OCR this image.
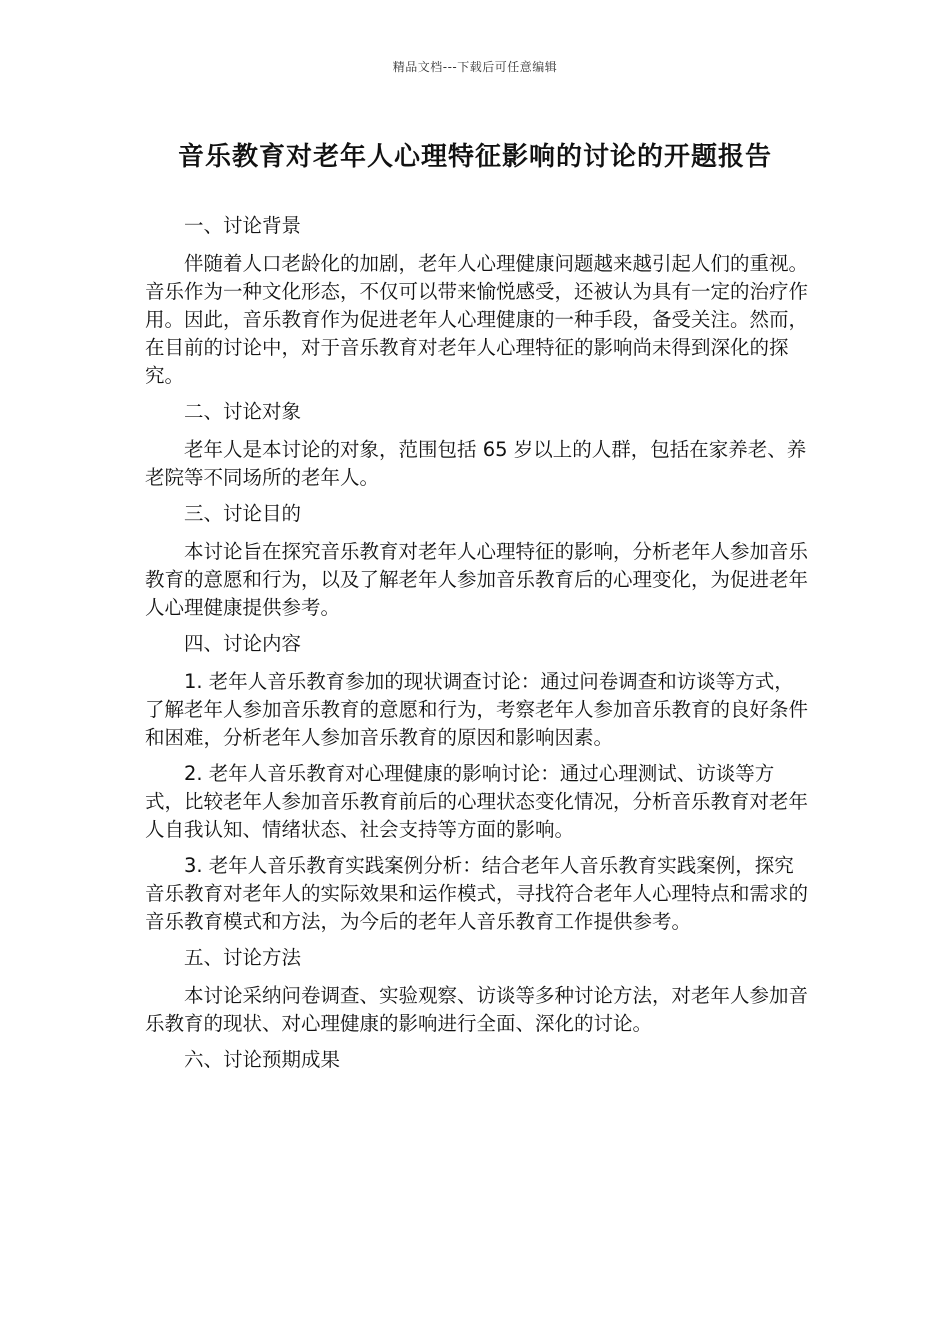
精品文档---下载后可任意编辑
音乐教育对老年人心理特征影响的讨论的开题报告

一、讨论背景

伴随着人口老龄化的加剧，老年人心理健康问题越来越引起人们的重视。音乐作为一种文化形态，不仅可以带来愉悦感受，还被认为具有一定的治疗作用。因此，音乐教育作为促进老年人心理健康的一种手段，备受关注。然而，在目前的讨论中，对于音乐教育对老年人心理特征的影响尚未得到深化的探究。

二、讨论对象

老年人是本讨论的对象，范围包括 65 岁以上的人群，包括在家养老、养老院等不同场所的老年人。

三、讨论目的

本讨论旨在探究音乐教育对老年人心理特征的影响，分析老年人参加音乐教育的意愿和行为，以及了解老年人参加音乐教育后的心理变化，为促进老年人心理健康提供参考。

四、讨论内容

1. 老年人音乐教育参加的现状调查讨论：通过问卷调查和访谈等方式，了解老年人参加音乐教育的意愿和行为，考察老年人参加音乐教育的良好条件和困难，分析老年人参加音乐教育的原因和影响因素。

2. 老年人音乐教育对心理健康的影响讨论：通过心理测试、访谈等方式，比较老年人参加音乐教育前后的心理状态变化情况，分析音乐教育对老年人自我认知、情绪状态、社会支持等方面的影响。

3. 老年人音乐教育实践案例分析：结合老年人音乐教育实践案例，探究音乐教育对老年人的实际效果和运作模式，寻找符合老年人心理特点和需求的音乐教育模式和方法，为今后的老年人音乐教育工作提供参考。

五、讨论方法

本讨论采纳问卷调查、实验观察、访谈等多种讨论方法，对老年人参加音乐教育的现状、对心理健康的影响进行全面、深化的讨论。

六、讨论预期成果
